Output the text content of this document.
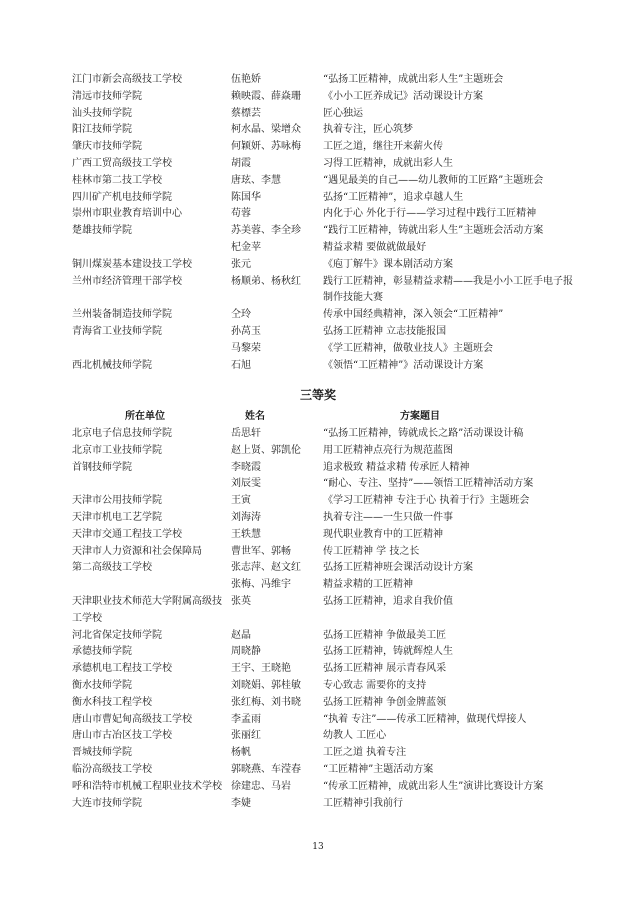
江门市新会高级技工学校	伍艳娇	“弘扬工匠精神，成就出彩人生”主题班会
清远市技师学院	赖映霞、薛焱珊 《小小工匠养成记》活动课设计方案
汕头技师学院	蔡標芸	匠心独运
阳江技师学院	柯水晶、梁增众 执着专注，匠心筑梦
肇庆市技师学院	何颖妍、苏咏梅 工匠之道，继往开来薪火传
广西工贸高级技工学校	胡霞	习得工匠精神，成就出彩人生
桂林市第二技工学校	唐玹、李慧	“遇见最美的自己——幼儿教师的工匠路”主题班会
四川矿产机电技师学院	陈国华	弘扬“工匠精神”，追求卓越人生
崇州市职业教育培训中心	苟蓉	内化于心 外化于行——学习过程中践行工匠精神
楚雄技师学院	苏美蓉、李全珍 “践行工匠精神，铸就出彩人生”主题班会活动方案
杞金苹	精益求精 要做就做最好
铜川煤炭基本建设技工学校	张元	《庖丁解牛》课本剧活动方案
兰州市经济管理干部学校	杨顺弟、杨秋红 践行工匠精神，彰显精益求精——我是小小工匠手电子报制作技能大赛
兰州装备制造技师学院	仝玲	传承中国经典精神，深入领会“工匠精神”
青海省工业技师学院	孙莴玉	弘扬工匠精神 立志技能报国
马黎荣	《学工匠精神，做敬业技人》主题班会
西北机械技师学院	石旭	《领悟“工匠精神”》活动课设计方案
三等奖
所在单位	姓名	方案题目
北京电子信息技师学院	岳思轩	“弘扬工匠精神，铸就成长之路”活动课设计稿
北京市工业技师学院	赵上贤、郭凯伦 用工匠精神点亮行为规范蓝图
首钢技师学院	李晓霞	追求极致 精益求精 传承匠人精神
刘辰雯	“耐心、专注、坚持”——领悟工匠精神活动方案
天津市公用技师学院	王寅	《学习工匠精神 专注于心 执着于行》主题班会
天津市机电工艺学院	刘海涛	执着专注——一生只做一件事
天津市交通工程技工学校	王轶慧	现代职业教育中的工匠精神
天津市人力资源和社会保障局	曹世军、郭畅	传工匠精神 学 技之长
第二高级技工学校	张志萍、赵文红 弘扬工匠精神班会课活动设计方案
张梅、冯维宇	精益求精的工匠精神
天津职业技术师范大学附属高级技工学校
张英	弘扬工匠精神，追求自我价值
河北省保定技师学院	赵晶	弘扬工匠精神 争做最美工匠
承德技师学院	周晓静	弘扬工匠精神，铸就辉煌人生
承德机电工程技工学校	王宇、王晓艳	弘扬工匠精神 展示青春风采
衡水技师学院	刘晓娟、郭桂敏 专心致志 需要你的支持
衡水科技工程学校	张红梅、刘书晓 弘扬工匠精神 争创金牌蓝领
唐山市曹妃甸高级技工学校	李孟雨	“执着 专注”——传承工匠精神，做现代焊接人
唐山市古冶区技工学校	张丽红	幼教人 工匠心
晋城技师学院	杨帆	工匠之道 执着专注
临汾高级技工学校	郭晓燕、车滢春 “工匠精神”主题活动方案
呼和浩特市机械工程职业技术学校 徐建忠、马岩	“传承工匠精神，成就出彩人生”演讲比赛设计方案
大连市技师学院	李婕	工匠精神引我前行
13
